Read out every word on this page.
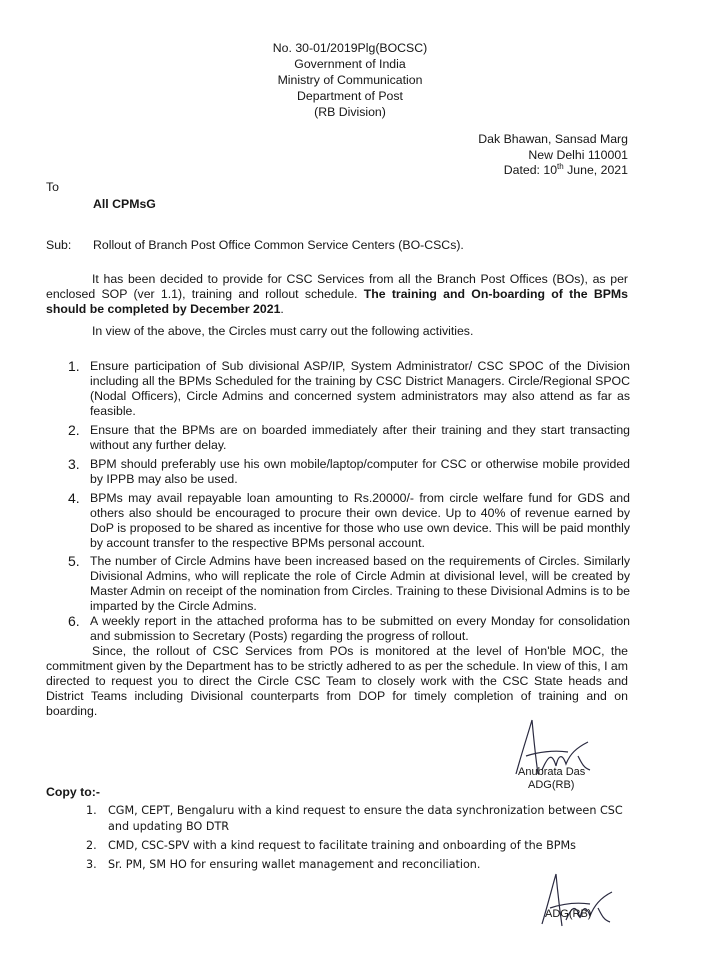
No. 30-01/2019Plg(BOCSC)
Government of India
Ministry of Communication
Department of Post
(RB Division)
Dak Bhawan, Sansad Marg
New Delhi 110001
Dated: 10th June, 2021
To
All CPMsG
Sub: Rollout of Branch Post Office Common Service Centers (BO-CSCs).
It has been decided to provide for CSC Services from all the Branch Post Offices (BOs), as per enclosed SOP (ver 1.1), training and rollout schedule. The training and On-boarding of the BPMs should be completed by December 2021.
In view of the above, the Circles must carry out the following activities.
1. Ensure participation of Sub divisional ASP/IP, System Administrator/ CSC SPOC of the Division including all the BPMs Scheduled for the training by CSC District Managers. Circle/Regional SPOC (Nodal Officers), Circle Admins and concerned system administrators may also attend as far as feasible.
2. Ensure that the BPMs are on boarded immediately after their training and they start transacting without any further delay.
3. BPM should preferably use his own mobile/laptop/computer for CSC or otherwise mobile provided by IPPB may also be used.
4. BPMs may avail repayable loan amounting to Rs.20000/- from circle welfare fund for GDS and others also should be encouraged to procure their own device. Up to 40% of revenue earned by DoP is proposed to be shared as incentive for those who use own device. This will be paid monthly by account transfer to the respective BPMs personal account.
5. The number of Circle Admins have been increased based on the requirements of Circles. Similarly Divisional Admins, who will replicate the role of Circle Admin at divisional level, will be created by Master Admin on receipt of the nomination from Circles. Training to these Divisional Admins is to be imparted by the Circle Admins.
6. A weekly report in the attached proforma has to be submitted on every Monday for consolidation and submission to Secretary (Posts) regarding the progress of rollout.
Since, the rollout of CSC Services from POs is monitored at the level of Hon'ble MOC, the commitment given by the Department has to be strictly adhered to as per the schedule. In view of this, I am directed to request you to direct the Circle CSC Team to closely work with the CSC State heads and District Teams including Divisional counterparts from DOP for timely completion of training and on boarding.
Anubrata Das
ADG(RB)
Copy to:-
1.	CGM, CEPT, Bengaluru with a kind request to ensure the data synchronization between CSC and updating BO DTR
2.	CMD, CSC-SPV with a kind request to facilitate training and onboarding of the BPMs
3.	Sr. PM, SM HO for ensuring wallet management and reconciliation.
ADG(RB)
